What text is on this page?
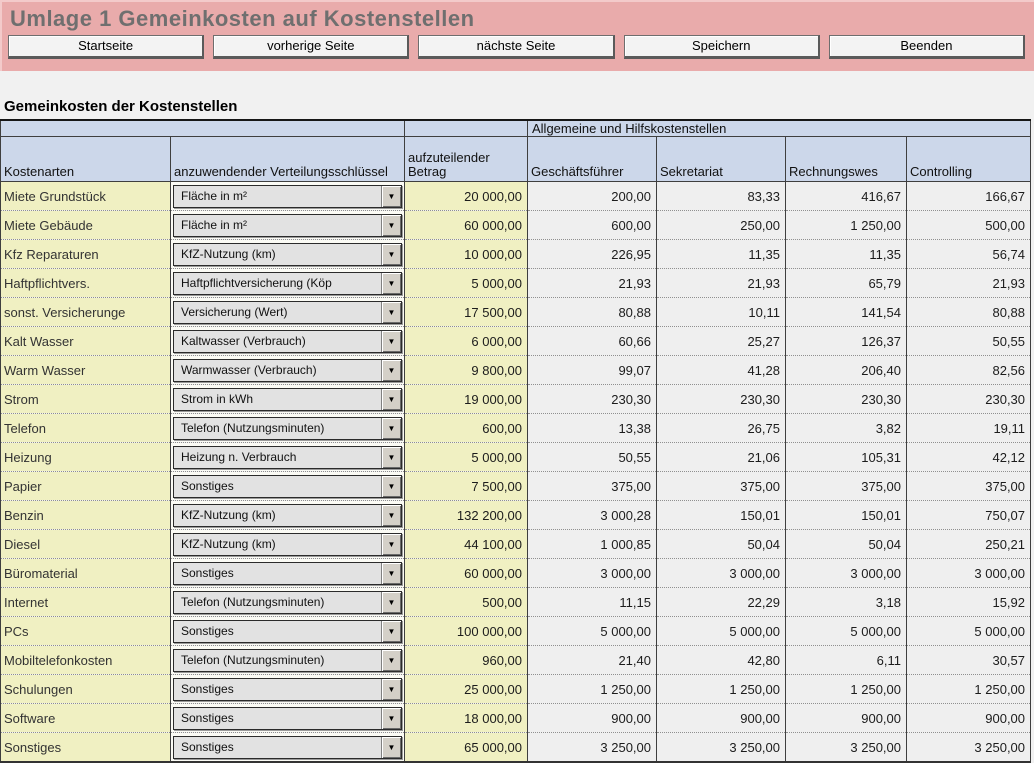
Umlage 1 Gemeinkosten auf Kostenstellen
Startseite	vorherige Seite	nächste Seite	Speichern	Beenden
Gemeinkosten der Kostenstellen
			Allgemeine und Hilfskostenstellen			
Kostenarten	anzuwendender Verteilungsschlüssel	aufzuteilender Betrag	Geschäftsführer	Sekretariat	Rechnungswes	Controlling
Miete Grundstück	Fläche in m² ▼	20 000,00	200,00	83,33	416,67	166,67
Miete Gebäude	Fläche in m² ▼	60 000,00	600,00	250,00	1 250,00	500,00
Kfz Reparaturen	KfZ-Nutzung (km) ▼	10 000,00	226,95	11,35	11,35	56,74
Haftpflichtvers.	Haftpflichtversicherung (Köp ▼	5 000,00	21,93	21,93	65,79	21,93
sonst. Versicherunge	Versicherung (Wert) ▼	17 500,00	80,88	10,11	141,54	80,88
Kalt Wasser	Kaltwasser (Verbrauch) ▼	6 000,00	60,66	25,27	126,37	50,55
Warm Wasser	Warmwasser (Verbrauch) ▼	9 800,00	99,07	41,28	206,40	82,56
Strom	Strom in kWh ▼	19 000,00	230,30	230,30	230,30	230,30
Telefon	Telefon (Nutzungsminuten) ▼	600,00	13,38	26,75	3,82	19,11
Heizung	Heizung n. Verbrauch ▼	5 000,00	50,55	21,06	105,31	42,12
Papier	Sonstiges ▼	7 500,00	375,00	375,00	375,00	375,00
Benzin	KfZ-Nutzung (km) ▼	132 200,00	3 000,28	150,01	150,01	750,07
Diesel	KfZ-Nutzung (km) ▼	44 100,00	1 000,85	50,04	50,04	250,21
Büromaterial	Sonstiges ▼	60 000,00	3 000,00	3 000,00	3 000,00	3 000,00
Internet	Telefon (Nutzungsminuten) ▼	500,00	11,15	22,29	3,18	15,92
PCs	Sonstiges ▼	100 000,00	5 000,00	5 000,00	5 000,00	5 000,00
Mobiltelefonkosten	Telefon (Nutzungsminuten) ▼	960,00	21,40	42,80	6,11	30,57
Schulungen	Sonstiges ▼	25 000,00	1 250,00	1 250,00	1 250,00	1 250,00
Software	Sonstiges ▼	18 000,00	900,00	900,00	900,00	900,00
Sonstiges	Sonstiges ▼	65 000,00	3 250,00	3 250,00	3 250,00	3 250,00
